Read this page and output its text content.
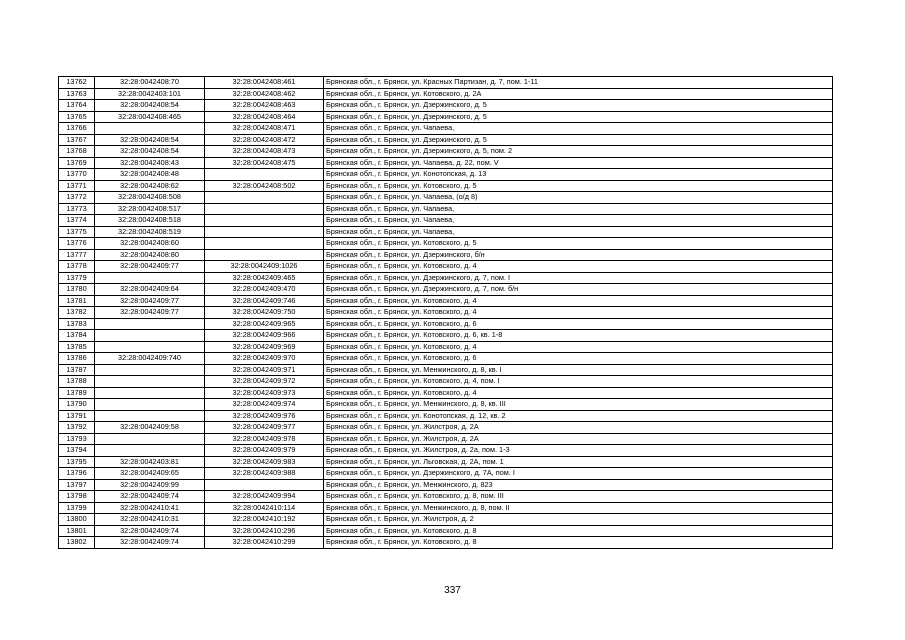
13762	32:28:0042408:70	32:28:0042408:461	Брянская обл., г. Брянск, ул. Красных Партизан, д. 7, пом. 1-11
13763	32:28:0042403:101	32:28:0042408:462	Брянская обл., г. Брянск, ул. Котовского, д. 2А
13764	32:28:0042408:54	32:28:0042408:463	Брянская обл., г. Брянск, ул. Дзержинского, д. 5
13765	32:28:0042408:465	32:28:0042408:464	Брянская обл., г. Брянск, ул. Дзержинского, д. 5
13766		32:28:0042408:471	Брянская обл., г. Брянск, ул. Чапаева,
13767	32:28:0042408:54	32:28:0042408:472	Брянская обл., г. Брянск, ул. Дзержинского, д. 5
13768	32:28:0042408:54	32:28:0042408:473	Брянская обл., г. Брянск, ул. Дзержинского, д. 5, пом. 2
13769	32:28:0042408:43	32:28:0042408:475	Брянская обл., г. Брянск, ул. Чапаева, д. 22, пом. V
13770	32:28:0042408:48		Брянская обл., г. Брянск, ул. Конотопская, д. 13
13771	32:28:0042408:62	32:28:0042408:502	Брянская обл., г. Брянск, ул. Котовского, д. 5
13772	32:28:0042408:508		Брянская обл., г. Брянск, ул. Чапаева, (о/д 8)
13773	32:28:0042408:517		Брянская обл., г. Брянск, ул. Чапаева,
13774	32:28:0042408:518		Брянская обл., г. Брянск, ул. Чапаева,
13775	32:28:0042408:519		Брянская обл., г. Брянск, ул. Чапаева,
13776	32:28:0042408:60		Брянская обл., г. Брянск, ул. Котовского, д. 5
13777	32:28:0042408:80		Брянская обл., г. Брянск, ул. Дзержинского, б/н
13778	32:28:0042409:77	32:28:0042409:1026	Брянская обл., г. Брянск, ул. Котовского, д. 4
13779		32:28:0042409:465	Брянская обл., г. Брянск, ул. Дзержинского, д. 7, пом. I
13780	32:28:0042409:64	32:28:0042409:470	Брянская обл., г. Брянск, ул. Дзержинского, д. 7, пом. б/н
13781	32:28:0042409:77	32:28:0042409:746	Брянская обл., г. Брянск, ул. Котовского, д. 4
13782	32:28:0042409:77	32:28:0042409:750	Брянская обл., г. Брянск, ул. Котовского, д. 4
13783		32:28:0042409:965	Брянская обл., г. Брянск, ул. Котовского, д. 6
13784		32:28:0042409:966	Брянская обл., г. Брянск, ул. Котовского, д. 6, кв. 1-8
13785		32:28:0042409:969	Брянская обл., г. Брянск, ул. Котовского, д. 4
13786	32:28:0042409:740	32:28:0042409:970	Брянская обл., г. Брянск, ул. Котовского, д. 6
13787		32:28:0042409:971	Брянская обл., г. Брянск, ул. Менжинского, д. 8, кв. I
13788		32:28:0042409:972	Брянская обл., г. Брянск, ул. Котовского, д. 4, пом. I
13789		32:28:0042409:973	Брянская обл., г. Брянск, ул. Котовского, д. 4
13790		32:28:0042409:974	Брянская обл., г. Брянск, ул. Менжинского, д. 8, кв. III
13791		32:28:0042409:976	Брянская обл., г. Брянск, ул. Конотопская, д. 12, кв. 2
13792	32:28:0042409:58	32:28:0042409:977	Брянская обл., г. Брянск, ул. Жилстроя, д. 2А
13793		32:28:0042409:978	Брянская обл., г. Брянск, ул. Жилстроя, д. 2А
13794		32:28:0042409:979	Брянская обл., г. Брянск, ул. Жилстроя, д. 2а, пом. 1-3
13795	32:28:0042403:81	32:28:0042409:983	Брянская обл., г. Брянск, ул. Льговская, д. 2А, пом. 1
13796	32:28:0042409:65	32:28:0042409:988	Брянская обл., г. Брянск, ул. Дзержинского, д. 7А, пом. I
13797	32:28:0042409:99		Брянская обл., г. Брянск, ул. Менжинского, д. 823
13798	32:28:0042409:74	32:28:0042409:994	Брянская обл., г. Брянск, ул. Котовского, д. 8, пом. III
13799	32:28:0042410:41	32:28:0042410:114	Брянская обл., г. Брянск, ул. Менжинского, д. 8, пом. II
13800	32:28:0042410:31	32:28:0042410:192	Брянская обл., г. Брянск, ул. Жилстроя, д. 2
13801	32:28:0042409:74	32:28:0042410:296	Брянская обл., г. Брянск, ул. Котовского, д. 8
13802	32:28:0042409:74	32:28:0042410:299	Брянская обл., г. Брянск, ул. Котовского, д. 8
337
